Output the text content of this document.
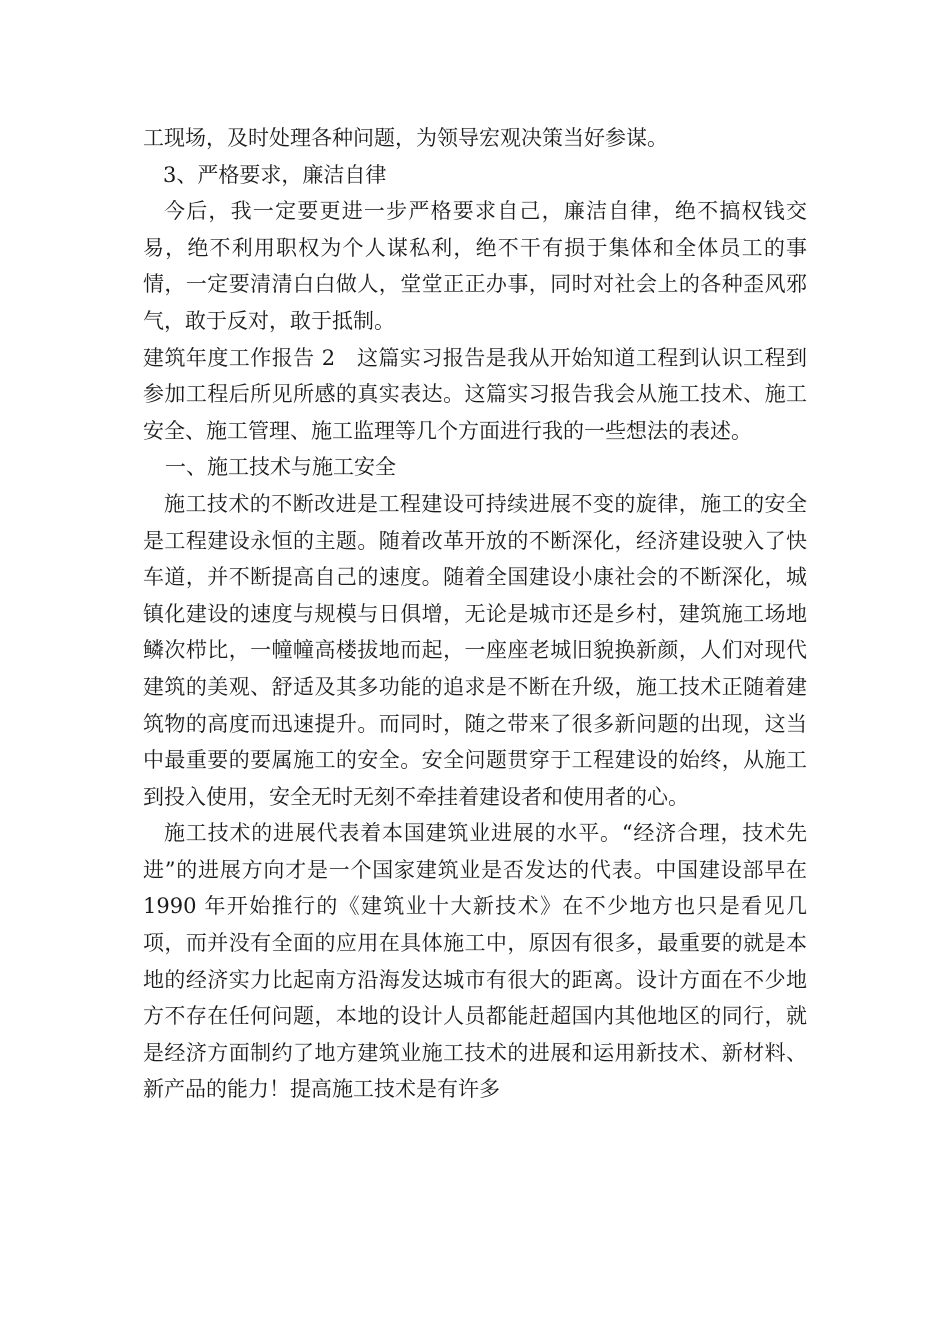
工现场，及时处理各种问题，为领导宏观决策当好参谋。

3、严格要求，廉洁自律

今后，我一定要更进一步严格要求自己，廉洁自律，绝不搞权钱交易，绝不利用职权为个人谋私利，绝不干有损于集体和全体员工的事情，一定要清清白白做人，堂堂正正办事，同时对社会上的各种歪风邪气，敢于反对，敢于抵制。

建筑年度工作报告 2　这篇实习报告是我从开始知道工程到认识工程到参加工程后所见所感的真实表达。这篇实习报告我会从施工技术、施工安全、施工管理、施工监理等几个方面进行我的一些想法的表述。

一、施工技术与施工安全

施工技术的不断改进是工程建设可持续进展不变的旋律，施工的安全是工程建设永恒的主题。随着改革开放的不断深化，经济建设驶入了快车道，并不断提高自己的速度。随着全国建设小康社会的不断深化，城镇化建设的速度与规模与日俱增，无论是城市还是乡村，建筑施工场地鳞次栉比，一幢幢高楼拔地而起，一座座老城旧貌换新颜，人们对现代建筑的美观、舒适及其多功能的追求是不断在升级，施工技术正随着建筑物的高度而迅速提升。而同时，随之带来了很多新问题的出现，这当中最重要的要属施工的安全。安全问题贯穿于工程建设的始终，从施工到投入使用，安全无时无刻不牵挂着建设者和使用者的心。

施工技术的进展代表着本国建筑业进展的水平。“经济合理，技术先进”的进展方向才是一个国家建筑业是否发达的代表。中国建设部早在 1990 年开始推行的《建筑业十大新技术》在不少地方也只是看见几项，而并没有全面的应用在具体施工中，原因有很多，最重要的就是本地的经济实力比起南方沿海发达城市有很大的距离。设计方面在不少地方不存在任何问题，本地的设计人员都能赶超国内其他地区的同行，就是经济方面制约了地方建筑业施工技术的进展和运用新技术、新材料、新产品的能力！提高施工技术是有许多
